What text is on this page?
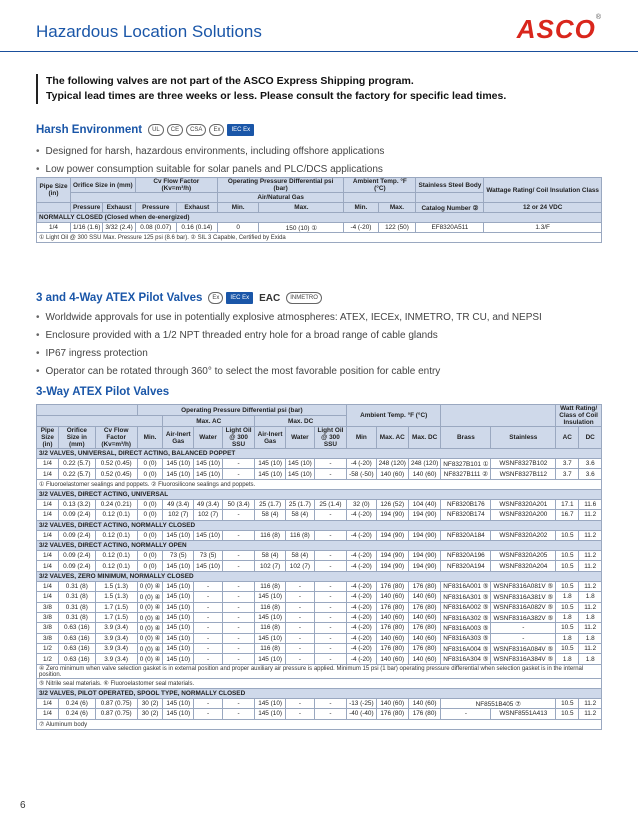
Hazardous Location Solutions	ASCO®
The following valves are not part of the ASCO Express Shipping program.
Typical lead times are three weeks or less. Please consult the factory for specific lead times.
Harsh Environment	UL	CE	CSA	Ex	IEC Ex
• Designed for harsh, hazardous environments, including offshore applications
• Low power consumption suitable for solar panels and PLC/DCS applications
Pipe Size (in)	Orifice Size in (mm)		Cv Flow Factor (Kv=m³/h)		Operating Pressure Differential psi (bar)		Ambient Temp. °F (°C)		Stainless Steel Body	Wattage Rating/ Coil Insulation Class
					Air/Natural Gas					
	Pressure	Exhaust	Pressure	Exhaust	Min.	Max.	Min.	Max.	Catalog Number ②	12 or 24 VDC
NORMALLY CLOSED (Closed when de-energized)										
1/4	1/16 (1.6)	3/32 (2.4)	0.08 (0.07)	0.16 (0.14)	0	150 (10) ①	-4 (-20)	122 (50)	EF8320A511	1.3/F
① Light Oil @ 300 SSU Max. Pressure 125 psi (8.6 bar). ② SIL 3 Capable, Certified by Exida										
3 and 4-Way ATEX Pilot Valves	Ex	IEC Ex	EAC	INMETRO
• Worldwide approvals for use in potentially explosive atmospheres: ATEX, IECEx, INMETRO, TR CU, and NEPSI
• Enclosure provided with a 1/2 NPT threaded entry hole for a broad range of cable glands
• IP67 ingress protection
• Operator can be rotated through 360° to select the most favorable position for cable entry
3-Way ATEX Pilot Valves
			Operating Pressure Differential psi (bar)							Ambient Temp. °F (°C)					Watt Rating/ Class of Coil Insulation	
				Max. AC			Max. DC									
Pipe Size (in)	Orifice Size in (mm)	Cv Flow Factor (Kv=m³/h)	Min.	Air-Inert Gas	Water	Light Oil @ 300 SSU	Air-Inert Gas	Water	Light Oil @ 300 SSU	Min	Max. AC	Max. DC	Brass	Stainless	AC	DC
3/2 VALVES, UNIVERSAL, DIRECT ACTING, BALANCED POPPET																
1/4	0.22 (5.7)	0.52 (0.45)	0 (0)	145 (10)	145 (10)	-	145 (10)	145 (10)	-	-4 (-20)	248 (120)	248 (120)	NF8327B101 ①	WSNF8327B102	3.7	3.6
1/4	0.22 (5.7)	0.52 (0.45)	0 (0)	145 (10)	145 (10)	-	145 (10)	145 (10)	-	-58 (-50)	140 (60)	140 (60)	NF8327B111 ②	WSNF8327B112	3.7	3.6
① Fluoroelastomer sealings and poppets. ② Fluorosilicone sealings and poppets.																
3/2 VALVES, DIRECT ACTING, UNIVERSAL																
1/4	0.13 (3.2)	0.24 (0.21)	0 (0)	49 (3.4)	49 (3.4)	50 (3.4)	25 (1.7)	25 (1.7)	25 (1.4)	32 (0)	126 (52)	104 (40)	NF8320B176	WSNF8320A201	17.1	11.6
1/4	0.09 (2.4)	0.12 (0.1)	0 (0)	102 (7)	102 (7)	-	58 (4)	58 (4)	-	-4 (-20)	194 (90)	194 (90)	NF8320B174	WSNF8320A200	16.7	11.2
3/2 VALVES, DIRECT ACTING, NORMALLY CLOSED																
1/4	0.09 (2.4)	0.12 (0.1)	0 (0)	145 (10)	145 (10)	-	116 (8)	116 (8)	-	-4 (-20)	194 (90)	194 (90)	NF8320A184	WSNF8320A202	10.5	11.2
3/2 VALVES, DIRECT ACTING, NORMALLY OPEN																
1/4	0.09 (2.4)	0.12 (0.1)	0 (0)	73 (5)	73 (5)	-	58 (4)	58 (4)	-	-4 (-20)	194 (90)	194 (90)	NF8320A196	WSNF8320A205	10.5	11.2
1/4	0.09 (2.4)	0.12 (0.1)	0 (0)	145 (10)	145 (10)	-	102 (7)	102 (7)	-	-4 (-20)	194 (90)	194 (90)	NF8320A194	WSNF8320A204	10.5	11.2
3/2 VALVES, ZERO MINIMUM, NORMALLY CLOSED																
1/4	0.31 (8)	1.5 (1.3)	0 (0) ④	145 (10)	-	-	116 (8)	-	-	-4 (-20)	176 (80)	176 (80)	NF8316A001 ⑤	WSNF8316A081V ⑤	10.5	11.2
1/4	0.31 (8)	1.5 (1.3)	0 (0) ④	145 (10)	-	-	145 (10)	-	-	-4 (-20)	140 (60)	140 (60)	NF8316A301 ⑤	WSNF8316A381V ⑤	1.8	1.8
3/8	0.31 (8)	1.7 (1.5)	0 (0) ④	145 (10)	-	-	116 (8)	-	-	-4 (-20)	176 (80)	176 (80)	NF8316A002 ⑤	WSNF8316A082V ⑤	10.5	11.2
3/8	0.31 (8)	1.7 (1.5)	0 (0) ④	145 (10)	-	-	145 (10)	-	-	-4 (-20)	140 (60)	140 (60)	NF8316A302 ⑤	WSNF8316A382V ⑤	1.8	1.8
3/8	0.63 (16)	3.9 (3.4)	0 (0) ④	145 (10)	-	-	116 (8)	-	-	-4 (-20)	176 (80)	176 (80)	NF8316A003 ⑤	-	10.5	11.2
3/8	0.63 (16)	3.9 (3.4)	0 (0) ④	145 (10)	-	-	145 (10)	-	-	-4 (-20)	140 (60)	140 (60)	NF8316A303 ⑤	-	1.8	1.8
1/2	0.63 (16)	3.9 (3.4)	0 (0) ④	145 (10)	-	-	116 (8)	-	-	-4 (-20)	176 (80)	176 (80)	NF8316A004 ⑤	WSNF8316A084V ⑤	10.5	11.2
1/2	0.63 (16)	3.9 (3.4)	0 (0) ④	145 (10)	-	-	145 (10)	-	-	-4 (-20)	140 (60)	140 (60)	NF8316A304 ⑤	WSNF8316A384V ⑤	1.8	1.8
④ Zero minimum when valve selection gasket is in external position and proper auxiliary air pressure is applied. Minimum 15 psi (1 bar) operating pressure differential when selection gasket is in the internal position.																
⑤ Nitrile seal materials. ⑥ Fluoroelastomer seal materials.																
3/2 VALVES, PILOT OPERATED, SPOOL TYPE, NORMALLY CLOSED																
1/4	0.24 (6)	0.87 (0.75)	30 (2)	145 (10)	-	-	145 (10)	-	-	-13 (-25)	140 (60)	140 (60)	NF8551B405 ⑦		10.5	11.2
1/4	0.24 (6)	0.87 (0.75)	30 (2)	145 (10)	-	-	145 (10)	-	-	-40 (-40)	176 (80)	176 (80)	-	WSNF8551A413	10.5	11.2
⑦ Aluminum body																
6
